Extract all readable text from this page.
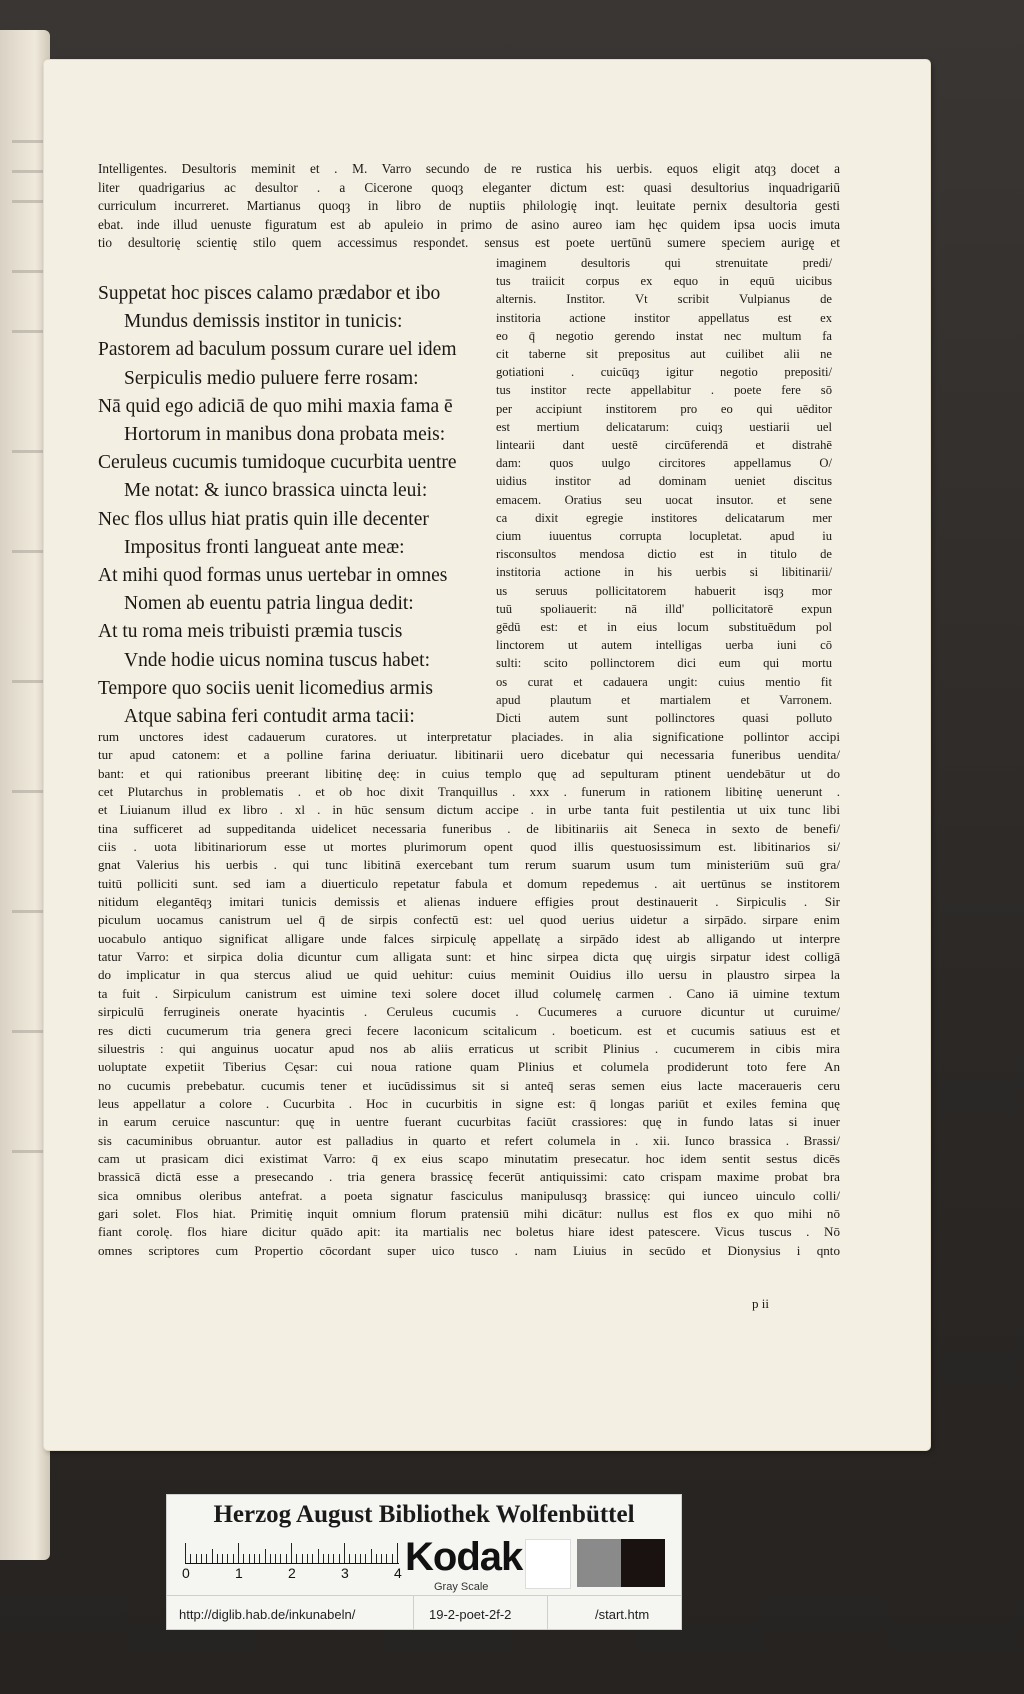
Intelligentes. Desultoris meminit et . M. Varro secundo de re rustica his uerbis. equos eligit atqȝ docet a
liter quadrigarius ac desultor . a Cicerone quoqȝ eleganter dictum est: quasi desultorius inquadrigariū
curriculum incurreret. Martianus quoqȝ in libro de nuptiis philologię inqt. leuitate pernix desultoria gesti
ebat. inde illud uenuste figuratum est ab apuleio in primo de asino aureo iam hęc quidem ipsa uocis imuta
tio desultorię scientię stilo quem accessimus respondet. sensus est poete uertūnū sumere speciem aurigę et
Suppetat hoc pisces calamo prædabor et ibo
Mundus demissis institor in tunicis:
Pastorem ad baculum possum curare uel idem
Serpiculis medio puluere ferre rosam:
Nā quid ego adiciā de quo mihi maxia fama ē
Hortorum in manibus dona probata meis:
Ceruleus cucumis tumidoque cucurbita uentre
Me notat: & iunco brassica uincta leui:
Nec flos ullus hiat pratis quin ille decenter
Impositus fronti langueat ante meæ:
At mihi quod formas unus uertebar in omnes
Nomen ab euentu patria lingua dedit:
At tu roma meis tribuisti præmia tuscis
Vnde hodie uicus nomina tuscus habet:
Tempore quo sociis uenit licomedius armis
Atque sabina feri contudit arma tacii:
imaginem desultoris qui strenuitate predi/
tus traiicit corpus ex equo in equū uicibus
alternis. Institor. Vt scribit Vulpianus de
institoria actione institor appellatus est ex
eo q̄ negotio gerendo instat nec multum fa
cit taberne sit prepositus aut cuilibet alii ne
gotiationi . cuicūqȝ igitur negotio prepositi/
tus institor recte appellabitur . poete fere sō
per accipiunt institorem pro eo qui uēditor
est mertium delicatarum: cuiqȝ uestiarii uel
lintearii dant uestē circūferendā et distrahē
dam: quos uulgo circitores appellamus O/
uidius institor ad dominam ueniet discitus
emacem. Oratius seu uocat insutor. et sene
ca dixit egregie institores delicatarum mer
cium iuuentus corrupta locupletat. apud iu
risconsultos mendosa dictio est in titulo de
institoria actione in his uerbis si libitinarii/
us seruus pollicitatorem habuerit isqȝ mor
tuū spoliauerit: nā illd' pollicitatorē expun
gēdū est: et in eius locum substituēdum pol
linctorem ut autem intelligas uerba iuni cō
sulti: scito pollinctorem dici eum qui mortu
os curat et cadauera ungit: cuius mentio fit
apud plautum et martialem et Varronem.
Dicti autem sunt pollinctores quasi polluto
rum unctores idest cadauerum curatores. ut interpretatur placiades. in alia significatione pollintor accipi
tur apud catonem: et a polline farina deriuatur. libitinarii uero dicebatur qui necessaria funeribus uendita/
bant: et qui rationibus preerant libitinę deę: in cuius templo quę ad sepulturam ptinent uendebātur ut do
cet Plutarchus in problematis . et ob hoc dixit Tranquillus . xxx . funerum in rationem libitinę uenerunt .
et Liuianum illud ex libro . xl . in hūc sensum dictum accipe . in urbe tanta fuit pestilentia ut uix tunc libi
tina sufficeret ad suppeditanda uidelicet necessaria funeribus . de libitinariis ait Seneca in sexto de benefi/
ciis . uota libitinariorum esse ut mortes plurimorum opent quod illis questuosissimum est. libitinarios si/
gnat Valerius his uerbis . qui tunc libitinā exercebant tum rerum suarum usum tum ministeriūm suū gra/
tuitū polliciti sunt. sed iam a diuerticulo repetatur fabula et domum repedemus . ait uertūnus se institorem
nitidum elegantēqȝ imitari tunicis demissis et alienas induere effigies prout destinauerit . Sirpiculis . Sir
piculum uocamus canistrum uel q̄ de sirpis confectū est: uel quod uerius uidetur a sirpādo. sirpare enim
uocabulo antiquo significat alligare unde falces sirpiculę appellatę a sirpādo idest ab alligando ut interpre
tatur Varro: et sirpica dolia dicuntur cum alligata sunt: et hinc sirpea dicta quę uirgis sirpatur idest colligā
do implicatur in qua stercus aliud ue quid uehitur: cuius meminit Ouidius illo uersu in plaustro sirpea la
ta fuit . Sirpiculum canistrum est uimine texi solere docet illud columelę carmen . Cano iā uimine textum
sirpiculū ferrugineis onerate hyacintis . Ceruleus cucumis . Cucumeres a curuore dicuntur ut curuime/
res dicti cucumerum tria genera greci fecere laconicum scitalicum . boeticum. est et cucumis satiuus est et
siluestris : qui anguinus uocatur apud nos ab aliis erraticus ut scribit Plinius . cucumerem in cibis mira
uoluptate expetiit Tiberius Cęsar: cui noua ratione quam Plinius et columela prodiderunt toto fere An
no cucumis prebebatur. cucumis tener et iucūdissimus sit si anteq̄ seras semen eius lacte maceraueris ceru
leus appellatur a colore . Cucurbita . Hoc in cucurbitis in signe est: q̄ longas pariūt et exiles femina quę
in earum ceruice nascuntur: quę in uentre fuerant cucurbitas faciūt crassiores: quę in fundo latas si inuer
sis cacuminibus obruantur. autor est palladius in quarto et refert columela in . xii. Iunco brassica . Brassi/
cam ut prasicam dici existimat Varro: q̄ ex eius scapo minutatim presecatur. hoc idem sentit sestus dicēs
brassicā dictā esse a presecando . tria genera brassicę fecerūt antiquissimi: cato crispam maxime probat bra
sica omnibus oleribus antefrat. a poeta signatur fasciculus manipulusqȝ brassicę: qui iunceo uinculo colli/
gari solet. Flos hiat. Primitię inquit omnium florum pratensiū mihi dicātur: nullus est flos ex quo mihi nō
fiant corolę. flos hiare dicitur quādo apit: ita martialis nec boletus hiare idest patescere. Vicus tuscus . Nō
omnes scriptores cum Propertio cōcordant super uico tusco . nam Liuius in secūdo et Dionysius i qnto
p ii
Herzog August Bibliothek Wolfenbüttel
0	1	2	3	4 Kodak
Gray Scale
http://diglib.hab.de/inkunabeln/	19-2-poet-2f-2	/start.htm
